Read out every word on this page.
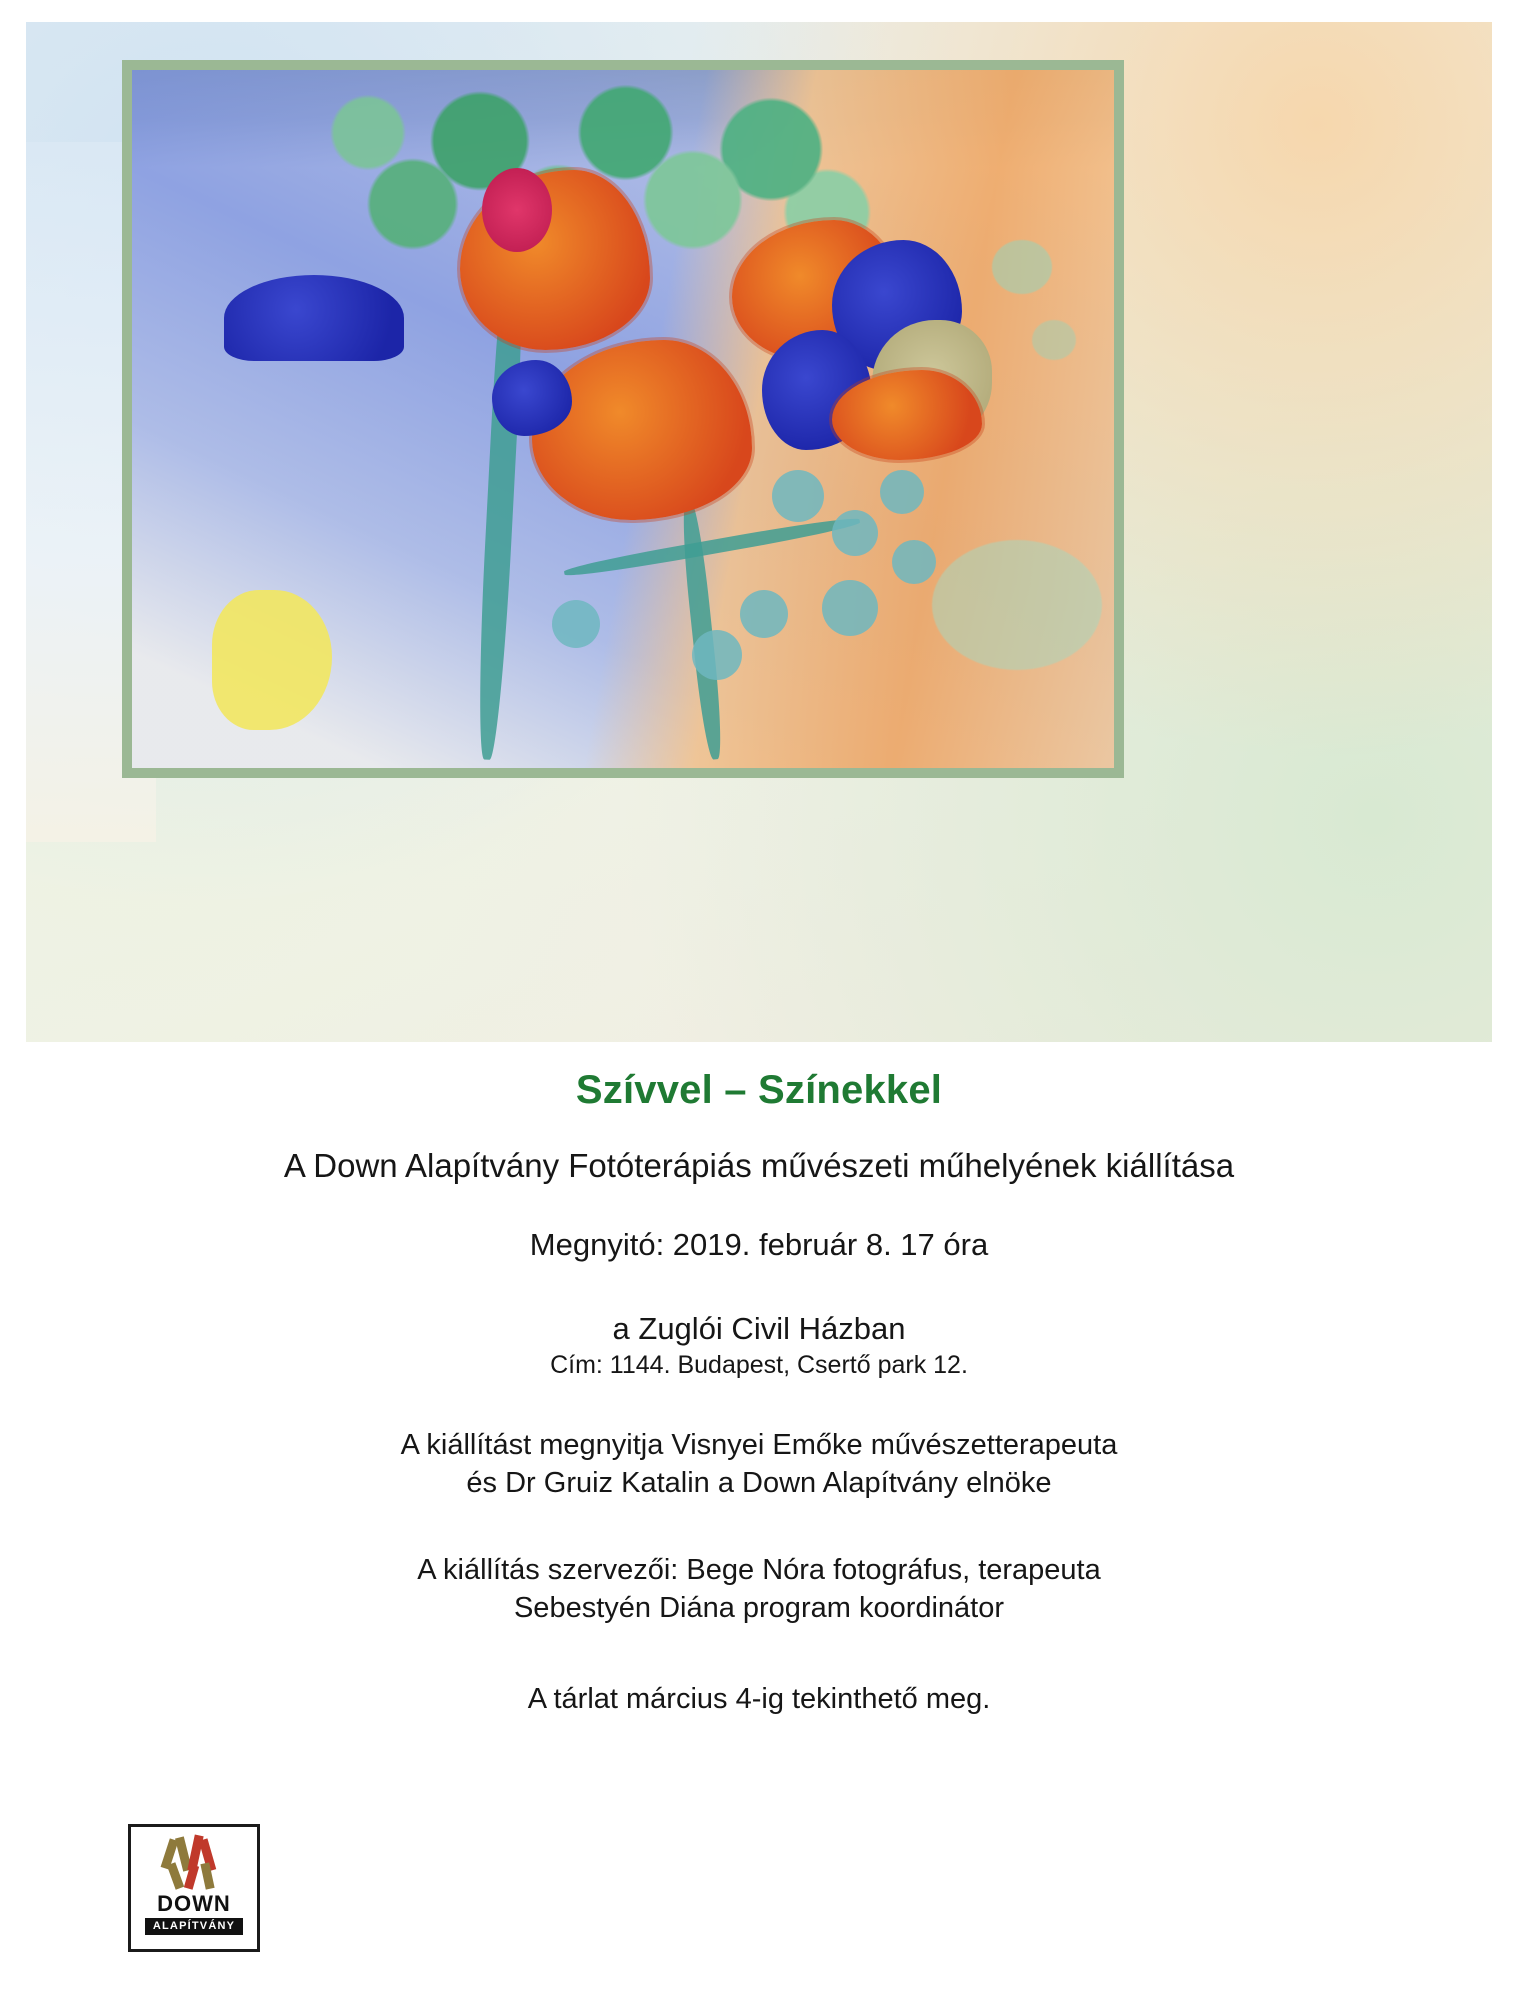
Szívvel – Színekkel

A Down Alapítvány Fotóterápiás művészeti műhelyének kiállítása

Megnyitó: 2019. február 8. 17 óra

a Zuglói Civil Házban

Cím: 1144. Budapest, Csertő park 12.

A kiállítást megnyitja Visnyei Emőke művészetterapeuta
és Dr Gruiz Katalin a Down Alapítvány elnöke

A kiállítás szervezői: Bege Nóra fotográfus, terapeuta
Sebestyén Diána program koordinátor

A tárlat március 4-ig tekinthető meg.

DOWN
ALAPÍTVÁNY
